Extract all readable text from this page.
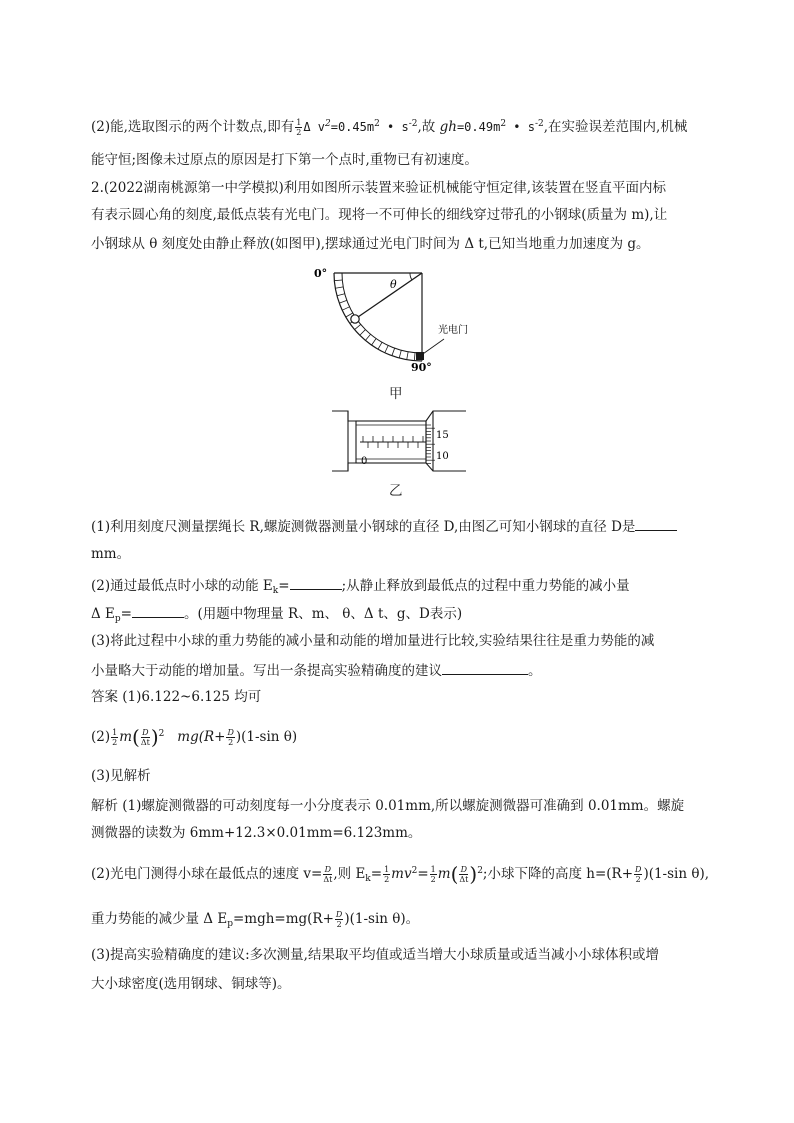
(2)能,选取图示的两个计数点,即有 $\frac{1}{2}$ Δ $v^2=0.45m^2$ • $s^{-2}$,故 $gh=0.49m^2$ • $s^{-2}$,在实验误差范围内,机械
能守恒;图像未过原点的原因是打下第一个点时,重物已有初速度。
2.(2022湖南桃源第一中学模拟)利用如图所示装置来验证机械能守恒定律,该装置在竖直平面内标
有表示圆心角的刻度,最低点装有光电门。现将一不可伸长的细线穿过带孔的小钢球(质量为 m),让
小钢球从 θ 刻度处由静止释放(如图甲),摆球通过光电门时间为 Δ t,已知当地重力加速度为 g。
0°
θ
光电门
90°
甲
0
15
10
乙
(1)利用刻度尺测量摆绳长 R,螺旋测微器测量小钢球的直径 D,由图乙可知小钢球的直径 D是
mm。
(2)通过最低点时小球的动能 $E_k=$	;从静止释放到最低点的过程中重力势能的减小量
Δ $E_p=$	。(用题中物理量 R、m、 θ、Δ t、g、D表示)
(3)将此过程中小球的重力势能的减小量和动能的增加量进行比较,实验结果往往是重力势能的减
小量略大于动能的增加量。写出一条提高实验精确度的建议	。
答案 (1)6.122~6.125 均可
$(2) \frac{1}{2} m( \frac{D}{\Delta t} )^2$ $mg(R+ \frac{D}{2} )(1-\sin$ θ)
(3)见解析
解析 (1)螺旋测微器的可动刻度每一小分度表示 0.01mm,所以螺旋测微器可准确到 0.01mm。螺旋
测微器的读数为 6mm+12.3×0.01mm=6.123mm。
(2)光电门测得小球在最低点的速度 $v= \frac{D}{\Delta t}$ ,则 $E_k= \frac{1}{2} mv^2= \frac{1}{2} m( \frac{D}{\Delta t} )^2$;小球下降的高度 $h=(R+ \frac{D}{2} )(1-\sin$ θ),
重力势能的减少量 Δ $E_p=mgh=mg(R+ \frac{D}{2} )(1-\sin$ θ)。
(3)提高实验精确度的建议:多次测量,结果取平均值或适当增大小球质量或适当减小小球体积或增
大小球密度(选用钢球、铜球等)。
